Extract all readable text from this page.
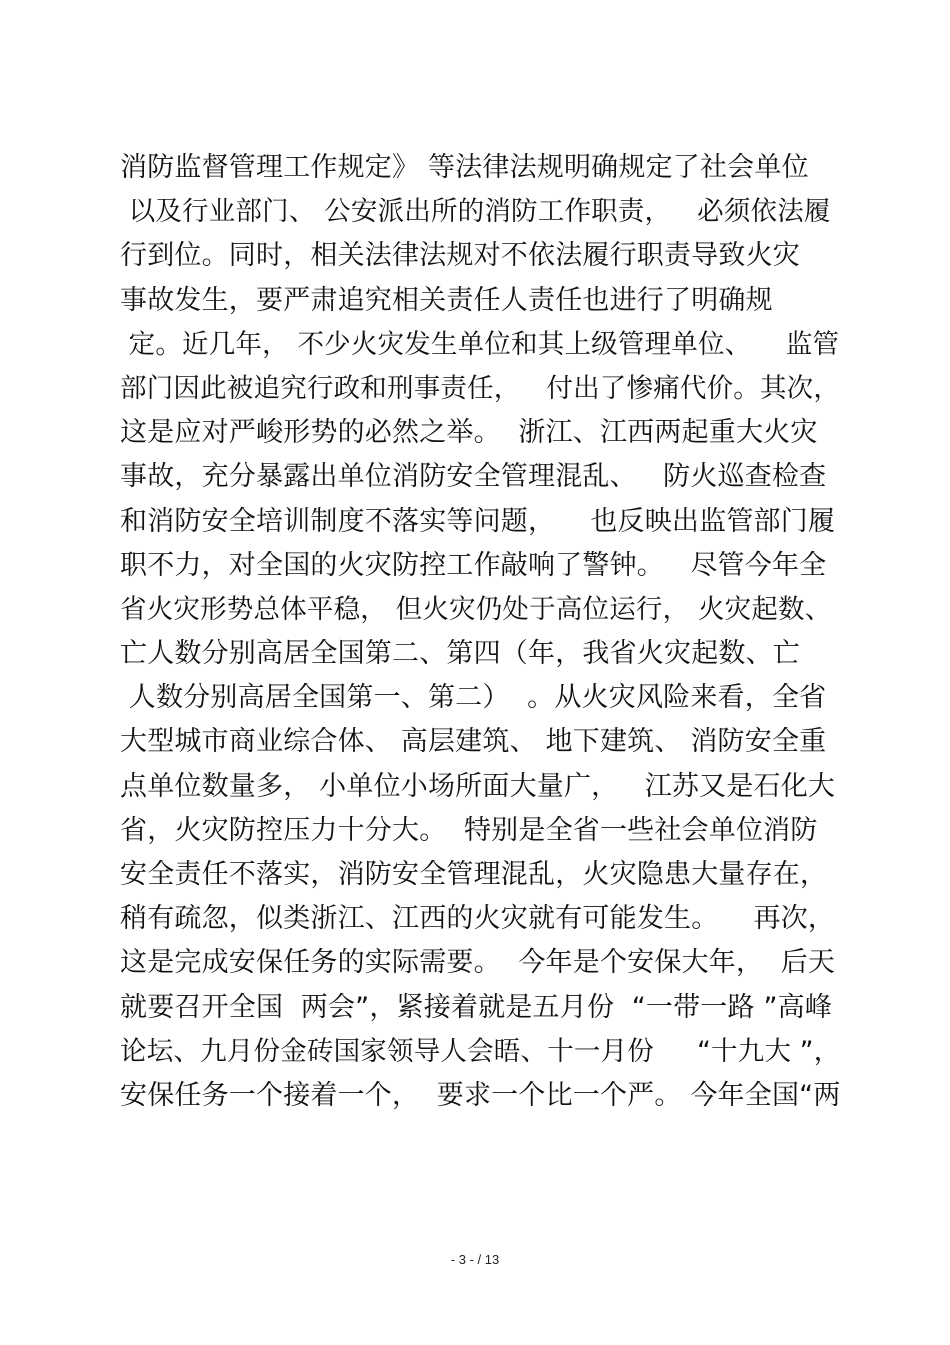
消防监督管理工作规定》 等法律法规明确规定了社会单位
以及行业部门、 公安派出所的消防工作职责，   必须依法履
行到位。同时，相关法律法规对不依法履行职责导致火灾
事故发生，要严肃追究相关责任人责任也进行了明确规
定。近几年， 不少火灾发生单位和其上级管理单位、    监管
部门因此被追究行政和刑事责任，   付出了惨痛代价。其次，
这是应对严峻形势的必然之举。  浙江、江西两起重大火灾
事故，充分暴露出单位消防安全管理混乱、   防火巡查检查
和消防安全培训制度不落实等问题，    也反映出监管部门履
职不力，对全国的火灾防控工作敲响了警钟。   尽管今年全
省火灾形势总体平稳， 但火灾仍处于高位运行， 火灾起数、
亡人数分别高居全国第二、第四（年，我省火灾起数、亡
人数分别高居全国第一、第二）  。从火灾风险来看，全省
大型城市商业综合体、 高层建筑、 地下建筑、 消防安全重
点单位数量多， 小单位小场所面大量广，   江苏又是石化大
省，火灾防控压力十分大。  特别是全省一些社会单位消防
安全责任不落实，消防安全管理混乱，火灾隐患大量存在，
稍有疏忽，似类浙江、江西的火灾就有可能发生。    再次，
这是完成安保任务的实际需要。  今年是个安保大年，  后天
就要召开全国  两会”，紧接着就是五月份  “一带一路 ”高峰
论坛、九月份金砖国家领导人会晤、十一月份     “十九大 ”，
安保任务一个接着一个，  要求一个比一个严。 今年全国“两
- 3 - / 13
